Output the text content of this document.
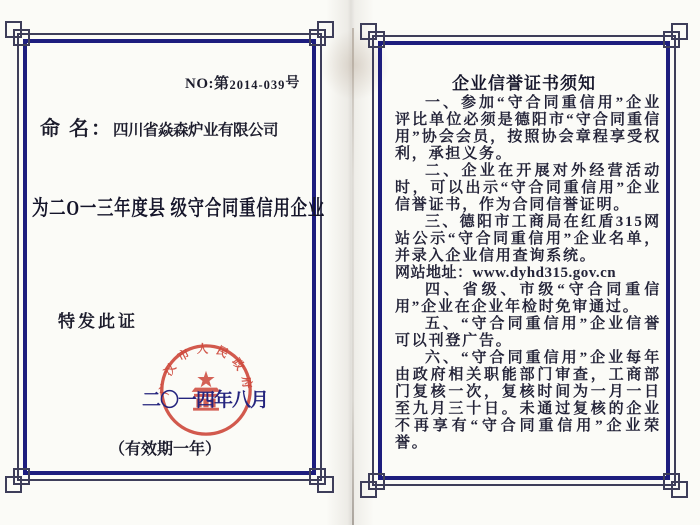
NO:第2014-039号
命 名：四川省焱森炉业有限公司
为二O一三年度县 级守合同重信用企业
特发此证
广汉市人民政府
二〇一四年八月
（有效期一年）
企业信誉证书须知
一、参加“守合同重信用”企业评比单位必须是德阳市“守合同重信用”协会会员，按照协会章程享受权利，承担义务。
二、企业在开展对外经营活动时，可以出示“守合同重信用”企业信誉证书，作为合同信誉证明。
三、德阳市工商局在红盾315网站公示“守合同重信用”企业名单，并录入企业信用查询系统。
网站地址：www.dyhd315.gov.cn
四、省级、市级“守合同重信用”企业在企业年检时免审通过。
五、“守合同重信用”企业信誉可以刊登广告。
六、“守合同重信用”企业每年由政府相关职能部门审查，工商部门复核一次，复核时间为一月一日至九月三十日。未通过复核的企业不再享有“守合同重信用”企业荣誉。
